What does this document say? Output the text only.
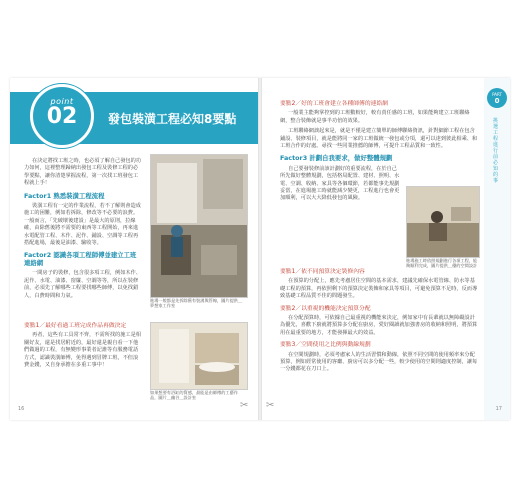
point
02	發包裝潢工程必知8要點

在決定將找工班之時，也必須了解自己發包的功力如何，這裡整理歸納出發包工程及裝修工程的必學要點，讓你清楚掌握流程，第一次找工班發包工程就上手！

Factor1 熟悉裝潢工程流程

裝潢工程有一定的作業流程，若不了解則會造成施工的困難，例如若拆除，修改等不必要的浪費。一般而言，「先破壞後建設」是最大的原則，拉線確，由除舊後將不需要的東西等工程開始，再來進水電配管工程、木作、泥作、鋪設、空調等工程再搭配進場，最後是油漆、驗收等。

Factor2 認識各項工程師傅並建立工班連絡網

一間房子的裝修，包含很多項工程，例如木作、泥作、水電、油漆、窗簾、空調等等，所以在裝修前，必須先了解哪些工程要找哪些師傅，以免找錯人，白費時間和力氣。

要點1／最好看過工班完成作品再做決定

再者，這些有工具常不齊，不需所找的施工是相關好友，還是找居附近的，最好還是親自看一下他們做過的工程，有無變形事業者記誰等有服務電話方式，認識裝潢師傅，免得遇到冒牌工班，不但浪費金錢，又自身承擔在多重工事中！

進場一般都是先拆除舊有裝潢與管線，圖片提供＿夢想家工作室
如果想要有浴缸的質感，最能是由師傅的工藝作品，圖片＿幽谷＿設計室
16	✂
要點2／好的工班會建立各種師傅的連絡網

一般業主能夠掌控到的工班數較好，較有責任感的工班，如果能夠建立工班聯絡網，整合裝飾就是事半功倍的效果。

工班聯絡網談起來是，就是不僅是建立簡單的師傅聯絡資訊，針對細節工程在包含鋪設、裝修項目，就是能將同一家的工班做統一發包或分項，還可以達到彼此相乘、和工班合作的好處。尋找一些同業推薦的師傅，可提升工程品質和一致性。

Factor3 計劃自我要求，做好整體規劃

自己要發裝修前該計劃好的重要流程，在於自己所先做好整體規劃，包括格局配置、建材、照明、水電、空調、收納、家具等各個環節，若都能事先規劃妥當，在進場施工時就能減少變更，工程進行也會更加順利，可以大大降低發包的風險。

進場施工時依照規劃進行各項工程，能夠順利完成，圖片提供＿優的空間設計
要點1／依不同預算決定裝修內容

在預算的分配上，應先考慮居住空間的基本需求，建議先確保水電管線、防水等基礎工程的預算，再依照剩下的預算決定裝飾和家具等項目，可避免預算不足時，反而導致基礎工程品質不佳的問題發生。

要點2／以重視的機能決定預算分配

在分配預算時，可依據自己最重視的機能來決定，例如家中有長輩就以無障礙設計為優先，喜歡下廚就將預算多分配在廚房，愛好閱讀就加強書房的收納和照明，將預算用在最重要的地方，才能發揮最大的效益。

要點3／空間使用之比例與動線規劃

在空間規劃時，必須考慮家人的生活習慣和動線，依照不同空間的使用頻率來分配預算，例如經常使用的客廳、廚房可以多分配一些，較少使用的空間則適度控制，讓每一分錢都花在刀口上。

PART
0
挑選工程進行前必知的事
17
✂
